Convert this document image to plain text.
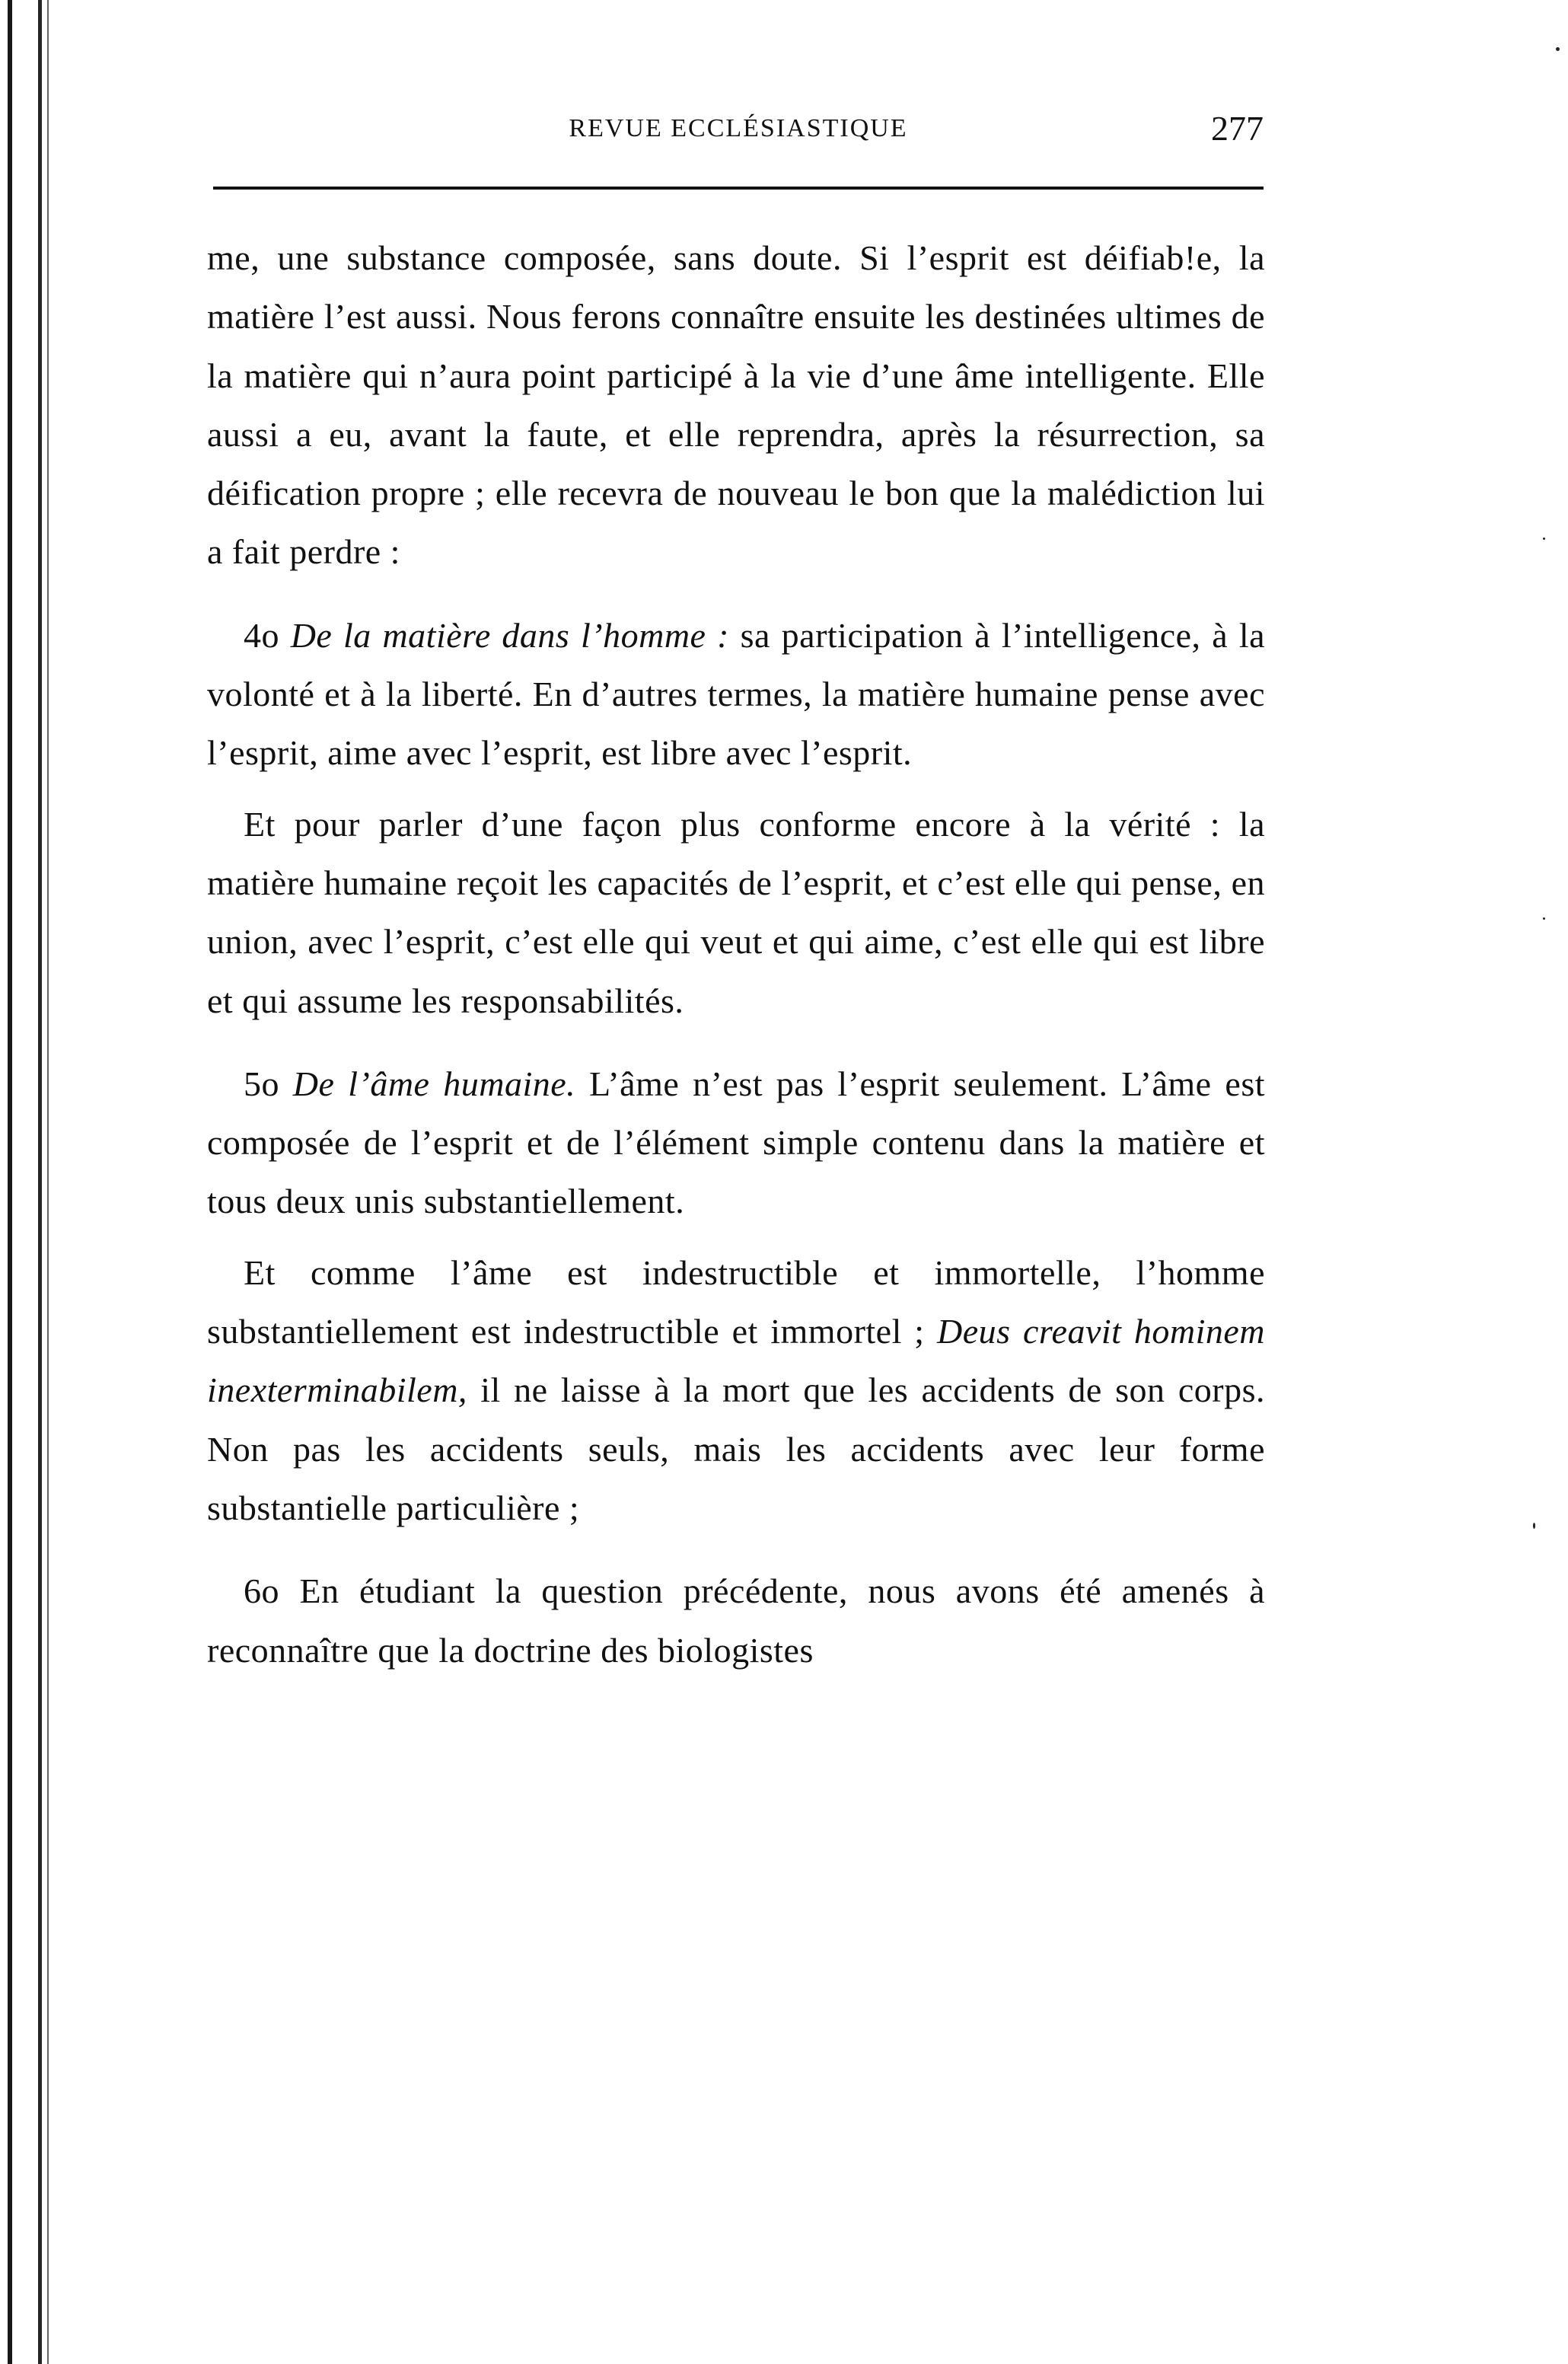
REVUE ECCLÉSIASTIQUE	277

me, une substance composée, sans doute. Si l’esprit est déifiab!e, la matière l’est aussi. Nous ferons connaître ensuite les destinées ultimes de la matière qui n’aura point participé à la vie d’une âme intelligente. Elle aussi a eu, avant la faute, et elle reprendra, après la résurrection, sa déification propre ; elle recevra de nouveau le bon que la malédiction lui a fait perdre :

4o De la matière dans l’homme : sa participation à l’intelligence, à la volonté et à la liberté. En d’autres termes, la matière humaine pense avec l’esprit, aime avec l’esprit, est libre avec l’esprit.

Et pour parler d’une façon plus conforme encore à la vérité : la matière humaine reçoit les capacités de l’esprit, et c’est elle qui pense, en union, avec l’esprit, c’est elle qui veut et qui aime, c’est elle qui est libre et qui assume les responsabilités.

5o De l’âme humaine. L’âme n’est pas l’esprit seulement. L’âme est composée de l’esprit et de l’élément simple contenu dans la matière et tous deux unis substantiellement.

Et comme l’âme est indestructible et immortelle, l’homme substantiellement est indestructible et immortel ; Deus creavit hominem inexterminabilem, il ne laisse à la mort que les accidents de son corps. Non pas les accidents seuls, mais les accidents avec leur forme substantielle particulière ;

6o En étudiant la question précédente, nous avons été amenés à reconnaître que la doctrine des biologistes
